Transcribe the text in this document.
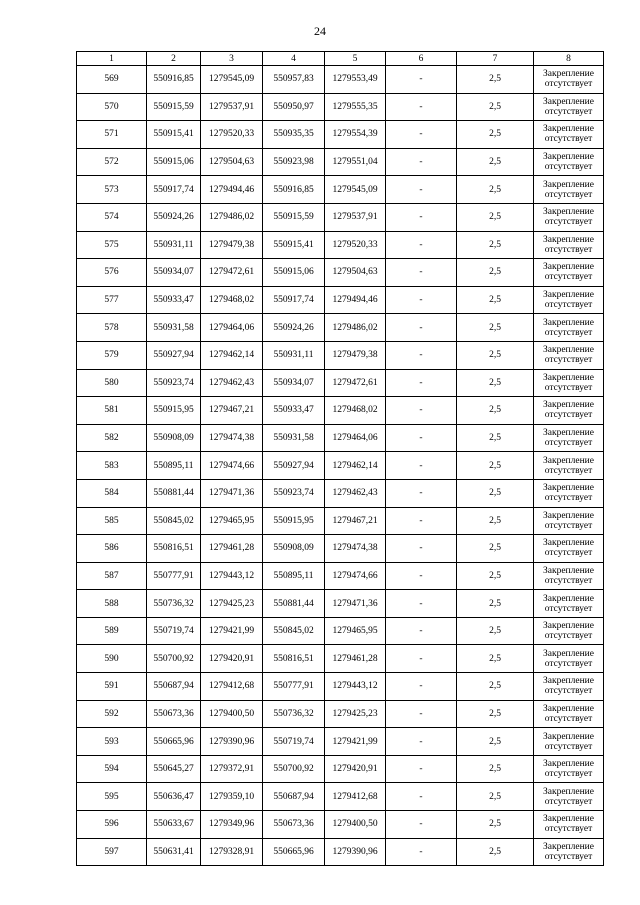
24
1	2	3	4	5	6	7	8
569	550916,85	1279545,09	550957,83	1279553,49	-	2,5	Закрепление отсутствует
570	550915,59	1279537,91	550950,97	1279555,35	-	2,5	Закрепление отсутствует
571	550915,41	1279520,33	550935,35	1279554,39	-	2,5	Закрепление отсутствует
572	550915,06	1279504,63	550923,98	1279551,04	-	2,5	Закрепление отсутствует
573	550917,74	1279494,46	550916,85	1279545,09	-	2,5	Закрепление отсутствует
574	550924,26	1279486,02	550915,59	1279537,91	-	2,5	Закрепление отсутствует
575	550931,11	1279479,38	550915,41	1279520,33	-	2,5	Закрепление отсутствует
576	550934,07	1279472,61	550915,06	1279504,63	-	2,5	Закрепление отсутствует
577	550933,47	1279468,02	550917,74	1279494,46	-	2,5	Закрепление отсутствует
578	550931,58	1279464,06	550924,26	1279486,02	-	2,5	Закрепление отсутствует
579	550927,94	1279462,14	550931,11	1279479,38	-	2,5	Закрепление отсутствует
580	550923,74	1279462,43	550934,07	1279472,61	-	2,5	Закрепление отсутствует
581	550915,95	1279467,21	550933,47	1279468,02	-	2,5	Закрепление отсутствует
582	550908,09	1279474,38	550931,58	1279464,06	-	2,5	Закрепление отсутствует
583	550895,11	1279474,66	550927,94	1279462,14	-	2,5	Закрепление отсутствует
584	550881,44	1279471,36	550923,74	1279462,43	-	2,5	Закрепление отсутствует
585	550845,02	1279465,95	550915,95	1279467,21	-	2,5	Закрепление отсутствует
586	550816,51	1279461,28	550908,09	1279474,38	-	2,5	Закрепление отсутствует
587	550777,91	1279443,12	550895,11	1279474,66	-	2,5	Закрепление отсутствует
588	550736,32	1279425,23	550881,44	1279471,36	-	2,5	Закрепление отсутствует
589	550719,74	1279421,99	550845,02	1279465,95	-	2,5	Закрепление отсутствует
590	550700,92	1279420,91	550816,51	1279461,28	-	2,5	Закрепление отсутствует
591	550687,94	1279412,68	550777,91	1279443,12	-	2,5	Закрепление отсутствует
592	550673,36	1279400,50	550736,32	1279425,23	-	2,5	Закрепление отсутствует
593	550665,96	1279390,96	550719,74	1279421,99	-	2,5	Закрепление отсутствует
594	550645,27	1279372,91	550700,92	1279420,91	-	2,5	Закрепление отсутствует
595	550636,47	1279359,10	550687,94	1279412,68	-	2,5	Закрепление отсутствует
596	550633,67	1279349,96	550673,36	1279400,50	-	2,5	Закрепление отсутствует
597	550631,41	1279328,91	550665,96	1279390,96	-	2,5	Закрепление отсутствует
